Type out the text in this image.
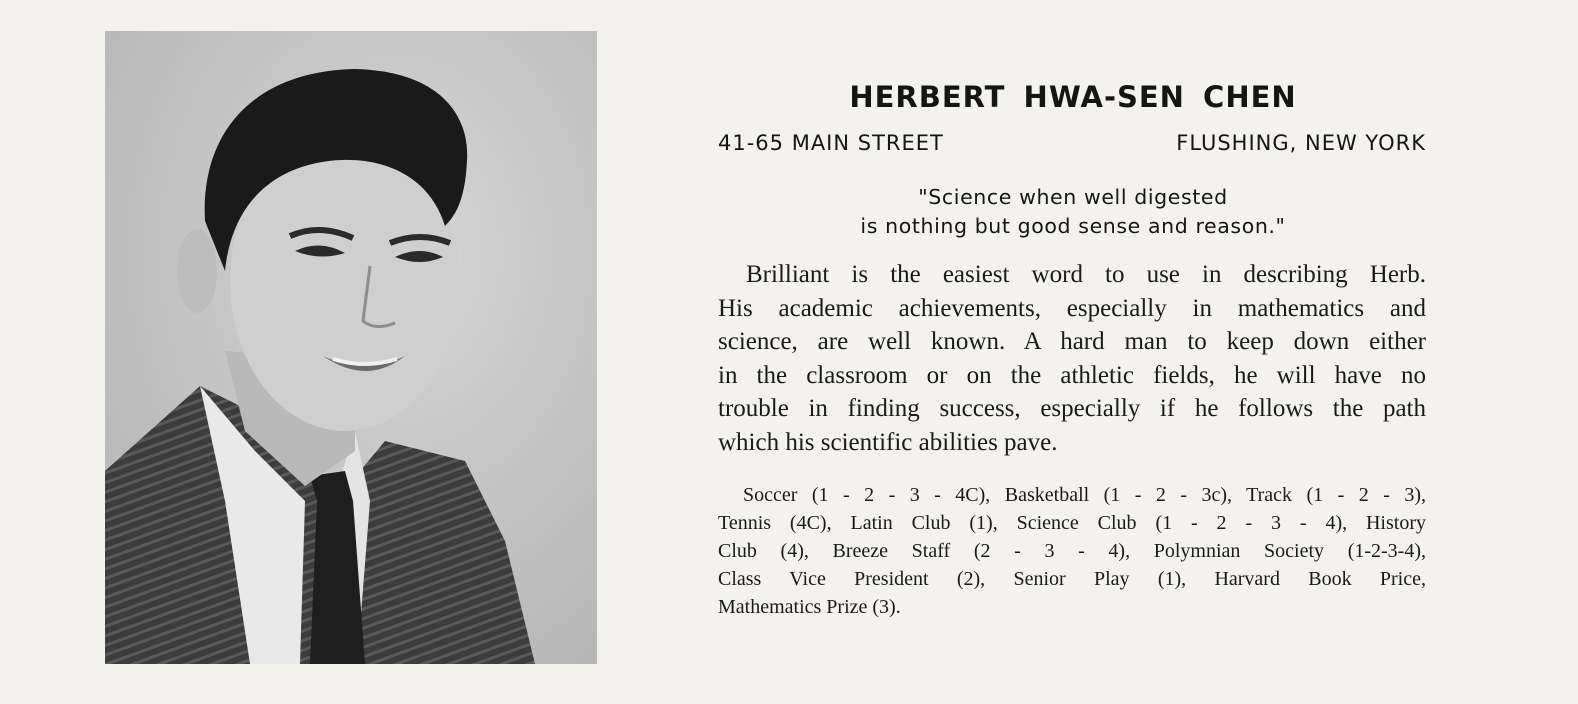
HERBERT HWA-SEN CHEN
41-65 MAIN STREET	FLUSHING, NEW YORK
"Science when well digested
is nothing but good sense and reason."
Brilliant is the easiest word to use in describing Herb.
His academic achievements, especially in mathematics and
science, are well known. A hard man to keep down either
in the classroom or on the athletic fields, he will have no
trouble in finding success, especially if he follows the path
which his scientific abilities pave.
Soccer (1 - 2 - 3 - 4C), Basketball (1 - 2 - 3c), Track (1 - 2 - 3),
Tennis (4C), Latin Club (1), Science Club (1 - 2 - 3 - 4), History
Club (4), Breeze Staff (2 - 3 - 4), Polymnian Society (1-2-3-4),
Class Vice President (2), Senior Play (1), Harvard Book Price,
Mathematics Prize (3).
